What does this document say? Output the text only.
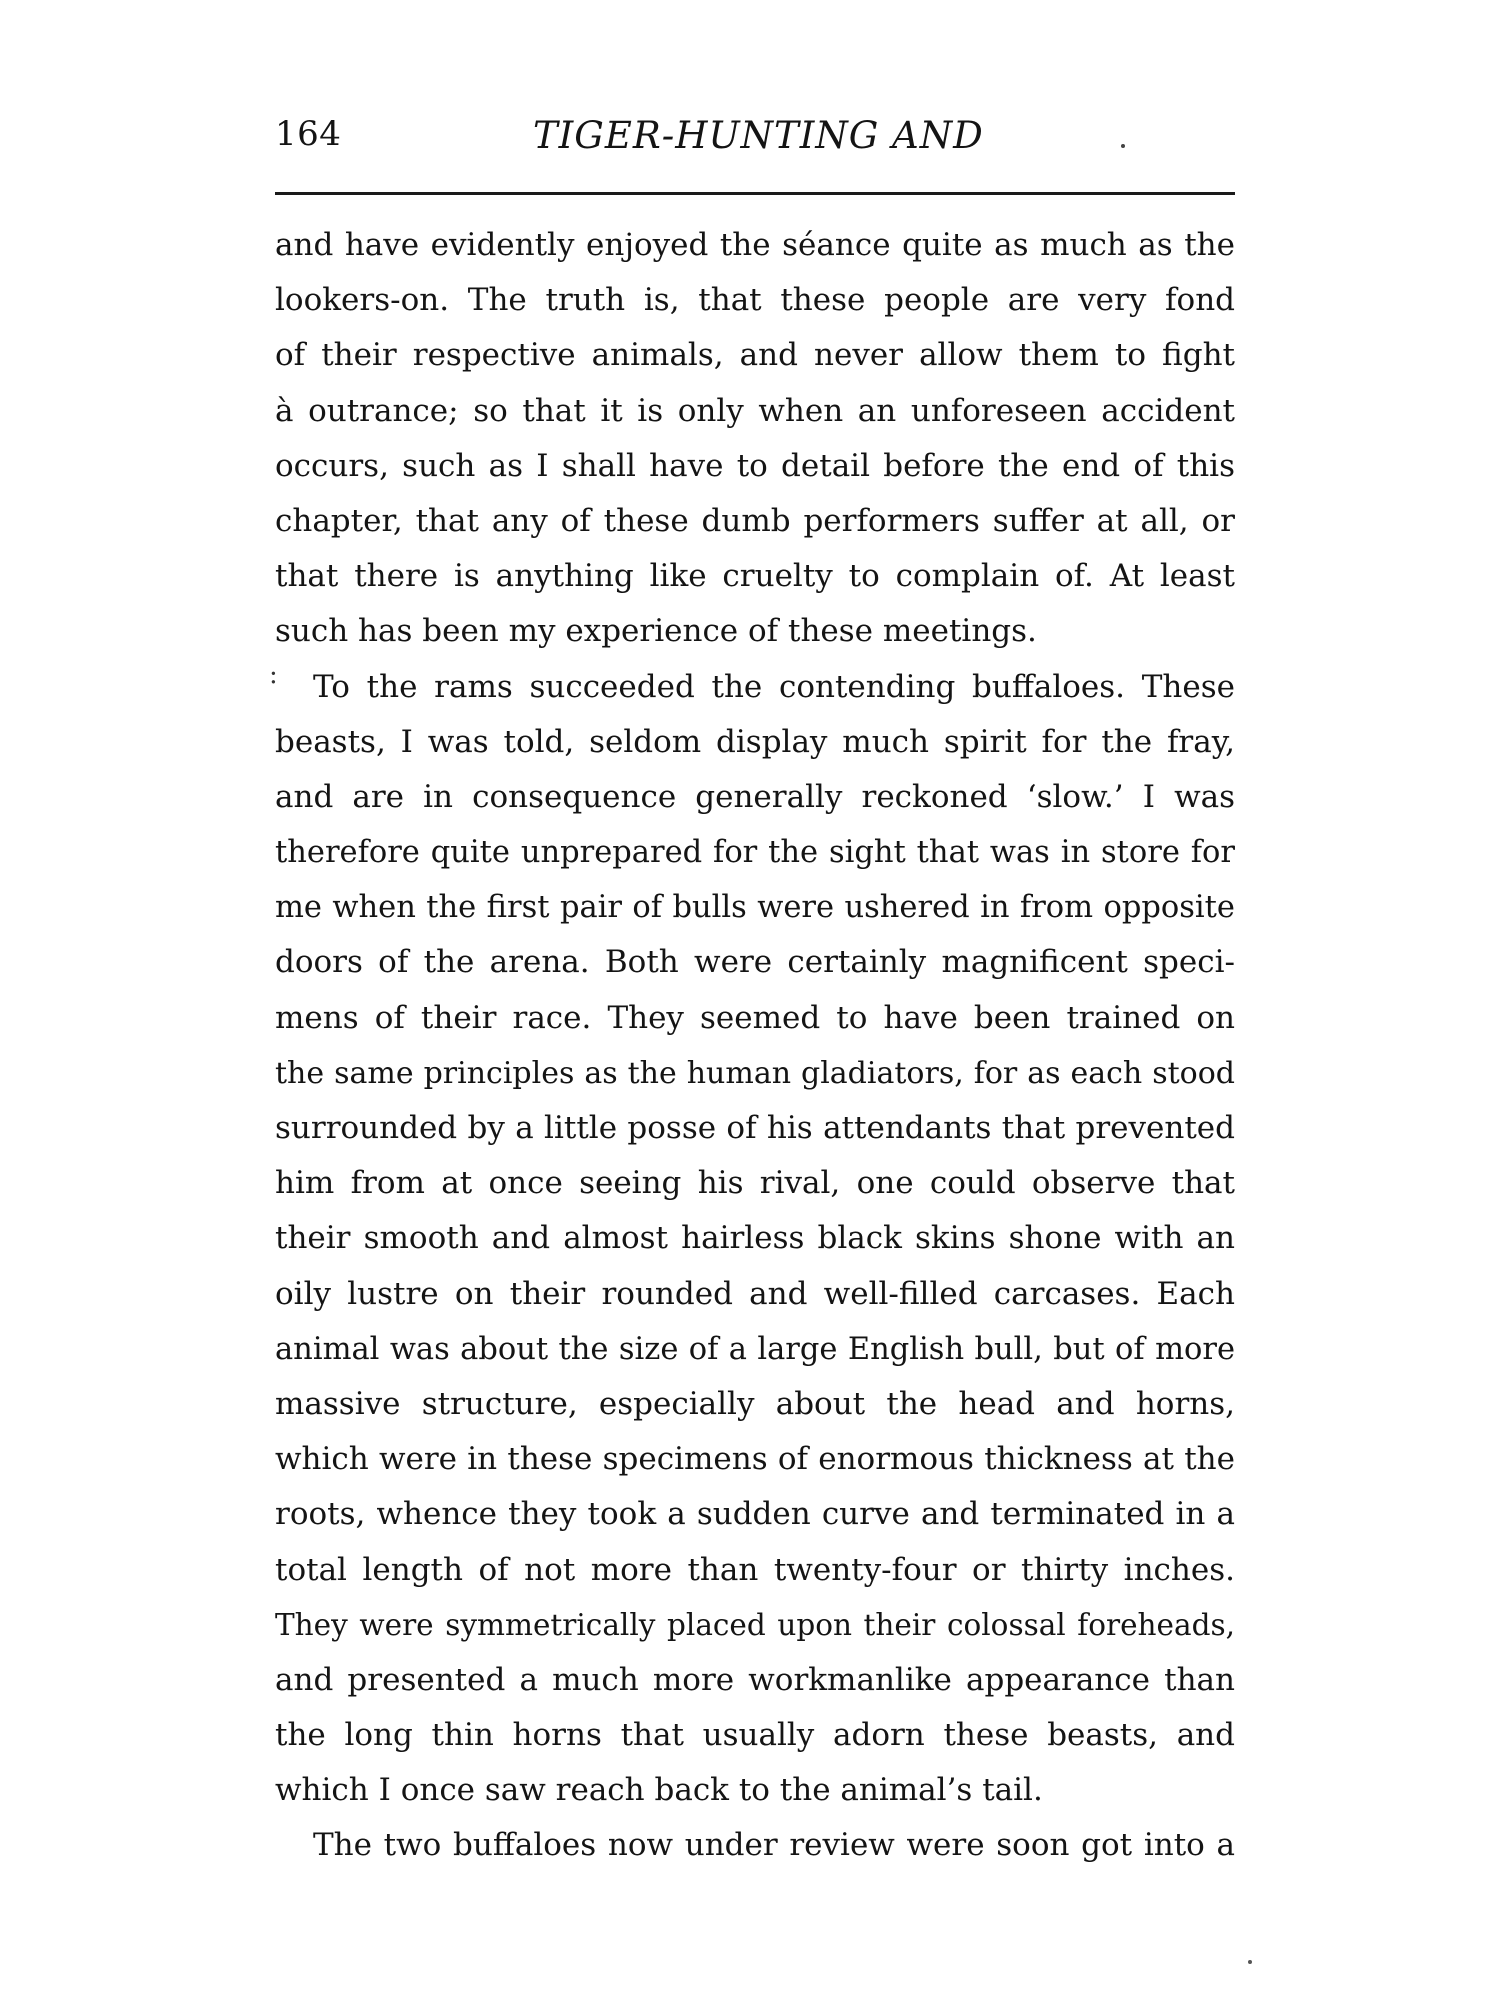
164	TIGER-HUNTING AND
and have evidently enjoyed the séance quite as much as the
lookers-on. The truth is, that these people are very fond
of their respective animals, and never allow them to fight
à outrance; so that it is only when an unforeseen accident
occurs, such as I shall have to detail before the end of this
chapter, that any of these dumb performers suffer at all, or
that there is anything like cruelty to complain of. At least
such has been my experience of these meetings.
:	To the rams succeeded the contending buffaloes. These
beasts, I was told, seldom display much spirit for the fray,
and are in consequence generally reckoned ‘slow.’ I was
therefore quite unprepared for the sight that was in store for
me when the first pair of bulls were ushered in from opposite
doors of the arena. Both were certainly magnificent speci-
mens of their race. They seemed to have been trained on
the same principles as the human gladiators, for as each stood
surrounded by a little posse of his attendants that prevented
him from at once seeing his rival, one could observe that
their smooth and almost hairless black skins shone with an
oily lustre on their rounded and well-filled carcases. Each
animal was about the size of a large English bull, but of more
massive structure, especially about the head and horns,
which were in these specimens of enormous thickness at the
roots, whence they took a sudden curve and terminated in a
total length of not more than twenty-four or thirty inches.
They were symmetrically placed upon their colossal foreheads,
and presented a much more workmanlike appearance than
the long thin horns that usually adorn these beasts, and
which I once saw reach back to the animal’s tail.
The two buffaloes now under review were soon got into a
